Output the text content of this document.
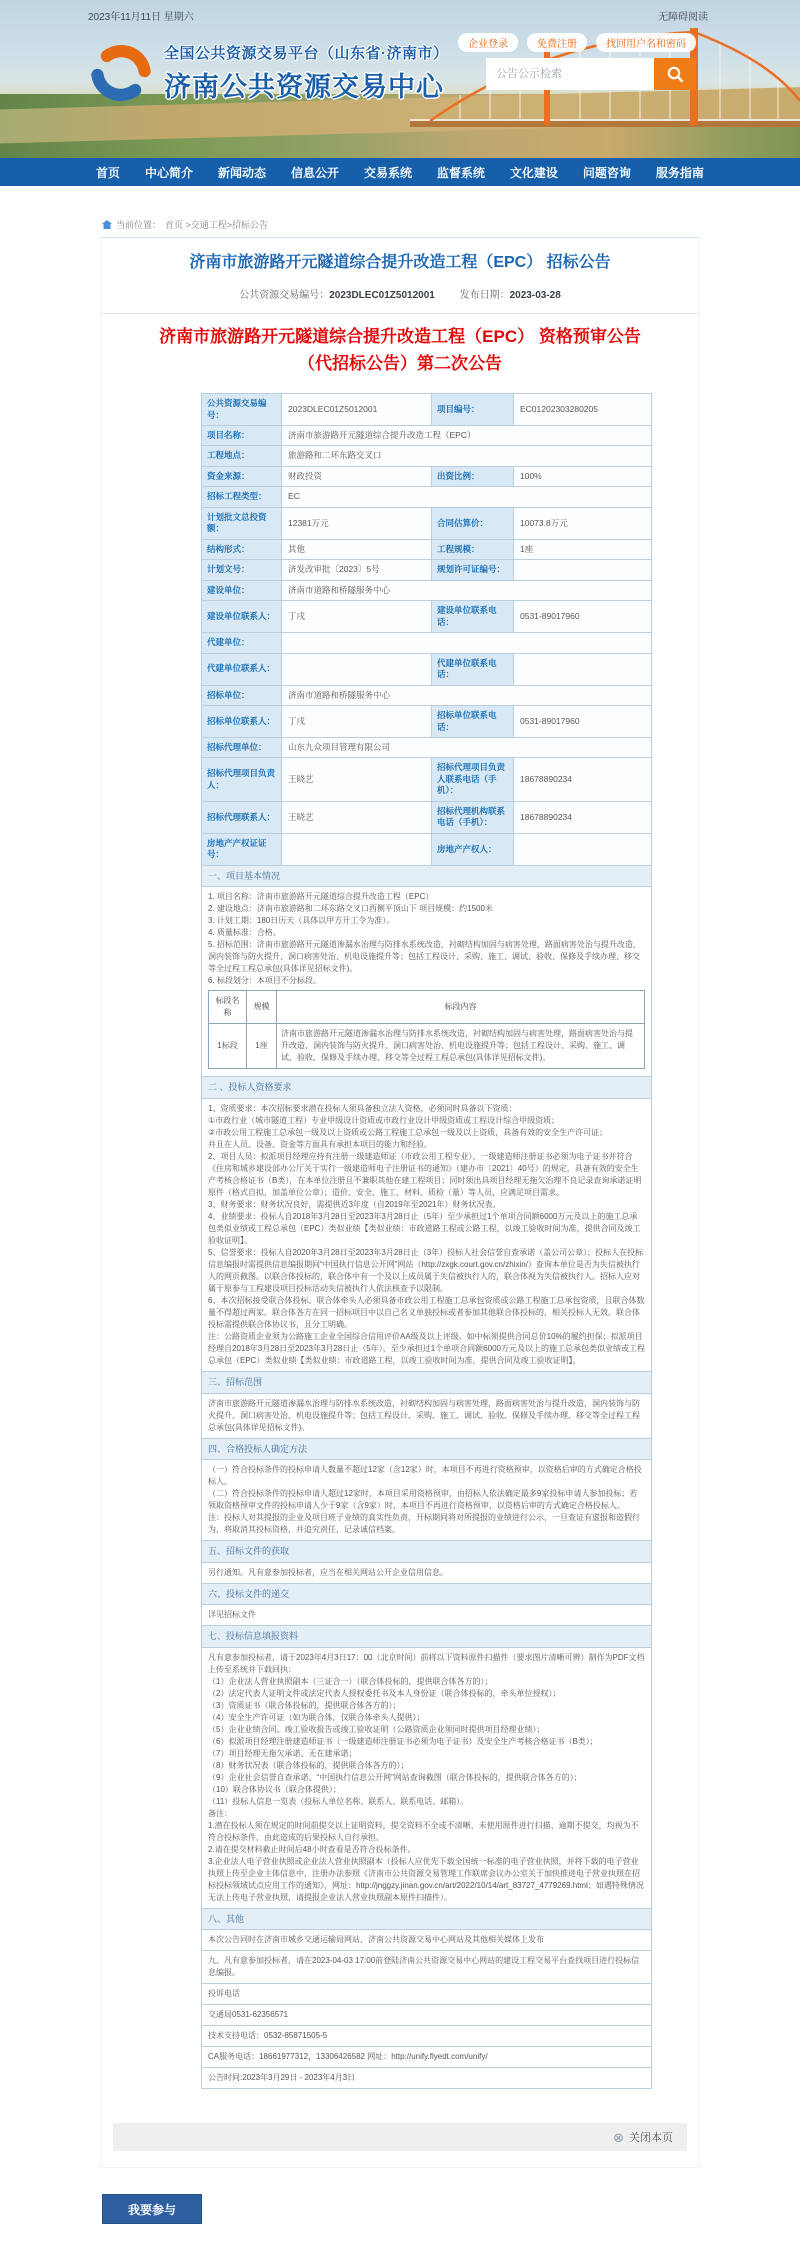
2023年11月11日 星期六	无障碍阅读
全国公共资源交易平台（山东省·济南市）
济南公共资源交易中心
企业登录	免费注册	找回用户名和密码
公告公示检索
首页 中心简介 新闻动态 信息公开 交易系统 监督系统 文化建设 问题咨询 服务指南
当前位置： 首页 >交通工程>招标公告
济南市旅游路开元隧道综合提升改造工程（EPC） 招标公告
公共资源交易编号：2023DLEC01Z5012001 发布日期：2023-03-28
济南市旅游路开元隧道综合提升改造工程（EPC） 资格预审公告（代招标公告）第二次公告
公共资源交易编号：	2023DLEC01Z5012001	项目编号：	EC01202303280205
项目名称：	济南市旅游路开元隧道综合提升改造工程（EPC）
工程地点：	旅游路和二环东路交叉口
资金来源：	财政投资	出资比例：	100%
招标工程类型：	EC
计划批文总投资额：	12381万元	合同估算价：	10073.8万元
结构形式：	其他	工程规模：	1座
计划文号：	济发改审批〔2023〕5号	规划许可证编号：	
建设单位：	济南市道路和桥隧服务中心
建设单位联系人：	丁戌	建设单位联系电话：	0531-89017960
代建单位：	
代建单位联系人：		代建单位联系电话：	
招标单位：	济南市道路和桥隧服务中心
招标单位联系人：	丁戌	招标单位联系电话：	0531-89017960
招标代理单位：	山东九众项目管理有限公司
招标代理项目负责人：	王晓艺	招标代理项目负责人联系电话（手机）：	18678890234
招标代理联系人：	王晓艺	招标代理机构联系电话（手机）：	18678890234
房地产产权证证号：		房地产产权人：	
一、项目基本情况

1. 项目名称：济南市旅游路开元隧道综合提升改造工程（EPC）
2. 建设地点：济南市旅游路和二环东路交叉口西侧平顶山下 项目规模：约1500米
3. 计划工期：180日历天（具体以甲方开工令为准）。
4. 质量标准：合格。
5. 招标范围：济南市旅游路开元隧道渗漏水治理与防排水系统改造，衬砌结构加固与病害处理，路面病害处治与提升改造，洞内装饰与防火提升、洞口病害处治、机电设施提升等；包括工程设计、采购、施工、调试、验收、保修及手续办理、移交等全过程工程总承包(具体详见招标文件)。
6. 标段划分：本项目不分标段。
标段名称	规模	标段内容
1标段	1座	济南市旅游路开元隧道渗漏水治理与防排水系统改造，衬砌结构加固与病害处理，路面病害处治与提升改造，洞内装饰与防火提升、洞口病害处治、机电设施提升等；包括工程设计、采购、施工、调试、验收、保修及手续办理、移交等全过程工程总承包(具体详见招标文件)。

二 、投标人资格要求

1、资质要求：本次招标要求潜在投标人须具备独立法人资格，必须同时具备以下资质：
①市政行业（城市隧道工程）专业甲级设计资质或市政行业设计甲级资质或工程设计综合甲级资质；
②市政公用工程施工总承包一级及以上资质或公路工程施工总承包一级及以上资质，具备有效的安全生产许可证；
并且在人员、设备、资金等方面具有承担本项目的能力和经验。
2、项目人员：拟派项目经理应持有注册一级建造师证（市政公用工程专业），一级建造师注册证书必须为电子证书并符合《住房和城乡建设部办公厅关于实行一级建造师电子注册证书的通知》（建办市〔2021〕40号）的规定，具备有效的安全生产考核合格证书（B类），在本单位注册且不兼职其他在建工程项目；同时须出具项目经理无拖欠治理不良记录查询承诺证明原件（格式自拟，加盖单位公章）；造价、安全、施工、材料、质检（量）等人员，应满足项目需求。
3、财务要求：财务状况良好，需提供近3年度（自2019年至2021年）财务状况表。
4、业绩要求：投标人自2018年3月28日至2023年3月28日止（5年）至少承担过1个单项合同额6000万元及以上的施工总承包类似业绩或工程总承包（EPC）类似业绩【类似业绩：市政道路工程或公路工程，以竣工验收时间为准，提供合同及竣工验收证明】。
5、信誉要求：投标人自2020年3月28日至2023年3月28日止（3年）投标人社会信誉自查承诺（盖公司公章）；投标人在投标信息编报时需提供信息编报期间“中国执行信息公开网”网站（http://zxgk.court.gov.cn/zhixin/）查询本单位是否为失信被执行人的网页截图。以联合体投标的，联合体中有一个及以上成员属于失信被执行人的，联合体视为失信被执行人。招标人应对属于原参与工程建设项目投标活动失信被执行人依法核查予以限制。
6、本次招标接受联合体投标。联合体牵头人必须具备市政公用工程施工总承包资质或公路工程施工总承包资质，且联合体数量不得超过两家。联合体各方在同一招标项目中以自己名义单独投标或者参加其他联合体投标的，相关投标人无效。联合体投标需提供联合体协议书，且分工明确。
注：公路资质企业须为公路施工企业全国综合信用评价AA级及以上评级。如中标须提供合同总价10%的履约担保；拟派项目经理自2018年3月28日至2023年3月28日止（5年），至少承担过1个单项合同额6000万元及以上的施工总承包类似业绩或工程总承包（EPC）类似业绩【类似业绩：市政道路工程，以竣工验收时间为准，提供合同及竣工验收证明】。

三、招标范围

济南市旅游路开元隧道渗漏水治理与防排水系统改造，衬砌结构加固与病害处理，路面病害处治与提升改造，洞内装饰与防火提升、洞口病害处治、机电设施提升等；包括工程设计、采购、施工、调试、验收、保修及手续办理、移交等全过程工程总承包(具体详见招标文件)。

四、合格投标人确定方法

（一）符合投标条件的投标申请人数量不超过12家（含12家）时，本项目不再进行资格预审，以资格后审的方式确定合格投标人。
（二）符合投标条件的投标申请人超过12家时，本项目采用资格预审，由招标人依法确定最多9家投标申请人参加投标；若领取资格预审文件的投标申请人少于9家（含9家）时，本项目不再进行资格预审，以资格后审的方式确定合格投标人。
注：投标人对其提报的企业及项目班子业绩的真实性负责，开标期间将对所提报的业绩进行公示，一旦查证有虚报和造假行为，将取消其投标资格，并追究责任，记录诚信档案。

五、招标文件的获取

另行通知。凡有意参加投标者，应当在相关网站公开企业信用信息。

六、投标文件的递交

详见招标文件

七、投标信息填报资料

凡有意参加投标者，请于2023年4月3日17：00（北京时间）前将以下资料原件扫描件（要求图片清晰可辨）制作为PDF文档上传至系统并下载回执：
（1）企业法人营业执照副本（三证合一）（联合体投标的，提供联合体各方的）；
（2）法定代表人证明文件或法定代表人授权委托书及本人身份证（联合体投标的，牵头单位授权）；
（3）资质证书（联合体投标的，提供联合体各方的）；
（4）安全生产许可证（如为联合体，仅联合体牵头人提供）；
（5）企业业绩合同、竣工验收报告或竣工验收证明（公路资质企业须同时提供项目经理业绩）；
（6）拟派项目经理注册建造师证书（一级建造师注册证书必须为电子证书）及安全生产考核合格证书（B类）；
（7）项目经理无拖欠承诺、无在建承诺；
（8）财务状况表（联合体投标的，提供联合体各方的）；
（9）企业社会信誉自查承诺、“中国执行信息公开网”网站查询截图（联合体投标的，提供联合体各方的）；
（10）联合体协议书（联合体提供）；
（11）投标人信息一览表（投标人单位名称、联系人、联系电话、邮箱）。
备注：
1.潜在投标人须在规定的时间前提交以上证明资料，提交资料不全或不清晰、未使用原件进行扫描、逾期不提交，均视为不符合投标条件，由此造成的后果投标人自行承担。
2.请在提交材料截止时间后48小时查看是否符合投标条件。
3.企业法人电子营业执照或企业法人营业执照副本（投标人应优先下载全国统一标准的电子营业执照，并将下载的电子营业执照上传至企业主体信息中，注册办法参照《济南市公共资源交易管理工作联席会议办公室关于加快推进电子营业执照在招标投标领域试点应用工作的通知》，网址：http://jnggzy.jinan.gov.cn/art/2022/10/14/art_83727_4779269.html；如遇特殊情况无法上传电子营业执照，请提报企业法人营业执照副本原件扫描件）。

八、其他

本次公告同时在济南市城乡交通运输局网站、济南公共资源交易中心网站及其他相关媒体上发布

九、凡有意参加投标者，请在2023-04-03 17:00前登陆济南公共资源交易中心网站的建设工程交易平台查找项目进行投标信息编报。
投诉电话
交通局0531-62356571
技术支持电话：0532-85871505-5
CA服务电话：18661977312，13306426582 网址：http://unify.flyedt.com/unify/
公告时间:2023年3月29日 - 2023年4月3日
⊗ 关闭本页
我要参与
